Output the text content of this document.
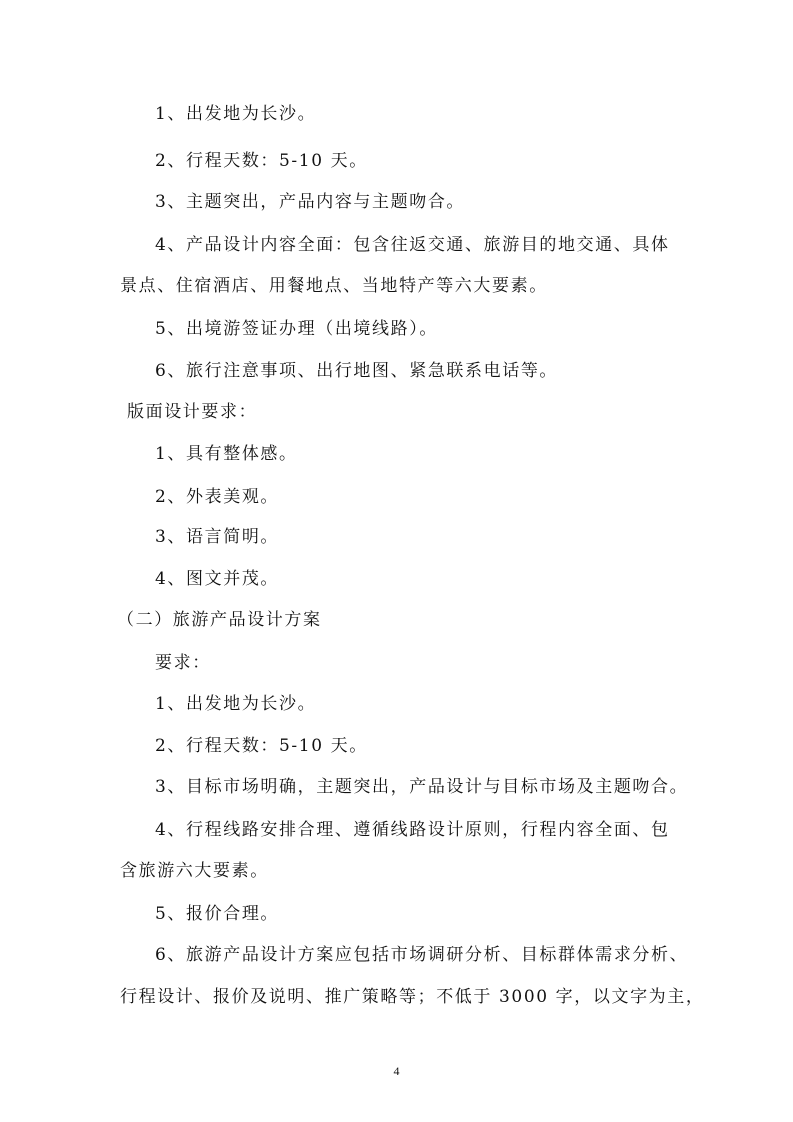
1、出发地为长沙。
2、行程天数：5-10 天。
3、主题突出，产品内容与主题吻合。
4、产品设计内容全面：包含往返交通、旅游目的地交通、具体
景点、住宿酒店、用餐地点、当地特产等六大要素。
5、出境游签证办理（出境线路）。
6、旅行注意事项、出行地图、紧急联系电话等。
版面设计要求：
1、具有整体感。
2、外表美观。
3、语言简明。
4、图文并茂。
（二）旅游产品设计方案
要求：
1、出发地为长沙。
2、行程天数：5-10 天。
3、目标市场明确，主题突出，产品设计与目标市场及主题吻合。
4、行程线路安排合理、遵循线路设计原则，行程内容全面、包
含旅游六大要素。
5、报价合理。
6、旅游产品设计方案应包括市场调研分析、目标群体需求分析、
行程设计、报价及说明、推广策略等；不低于 3000 字，以文字为主，
4
